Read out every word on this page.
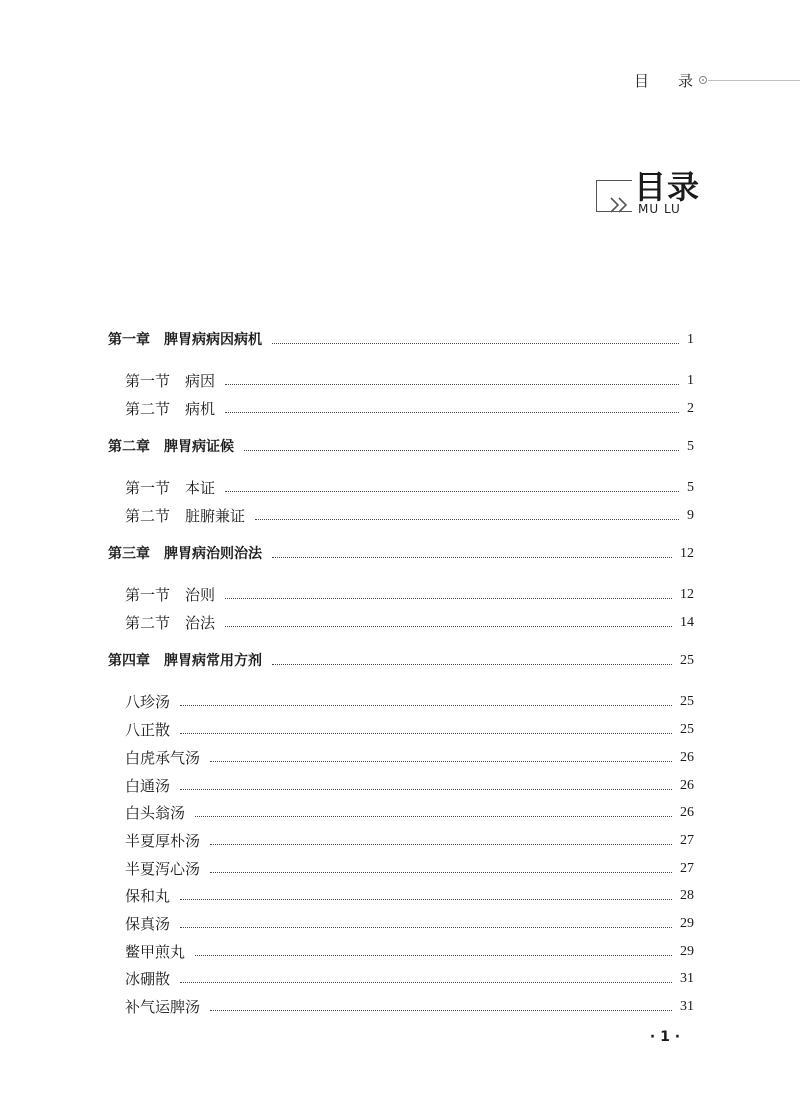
目 录
目录
MU LU
第一章　脾胃病病因病机	1
第一节　病因	1
第二节　病机	2
第二章　脾胃病证候	5
第一节　本证	5
第二节　脏腑兼证	9
第三章　脾胃病治则治法	12
第一节　治则	12
第二节　治法	14
第四章　脾胃病常用方剂	25
八珍汤	25
八正散	25
白虎承气汤	26
白通汤	26
白头翁汤	26
半夏厚朴汤	27
半夏泻心汤	27
保和丸	28
保真汤	29
鳖甲煎丸	29
冰硼散	31
补气运脾汤	31
· 1 ·
